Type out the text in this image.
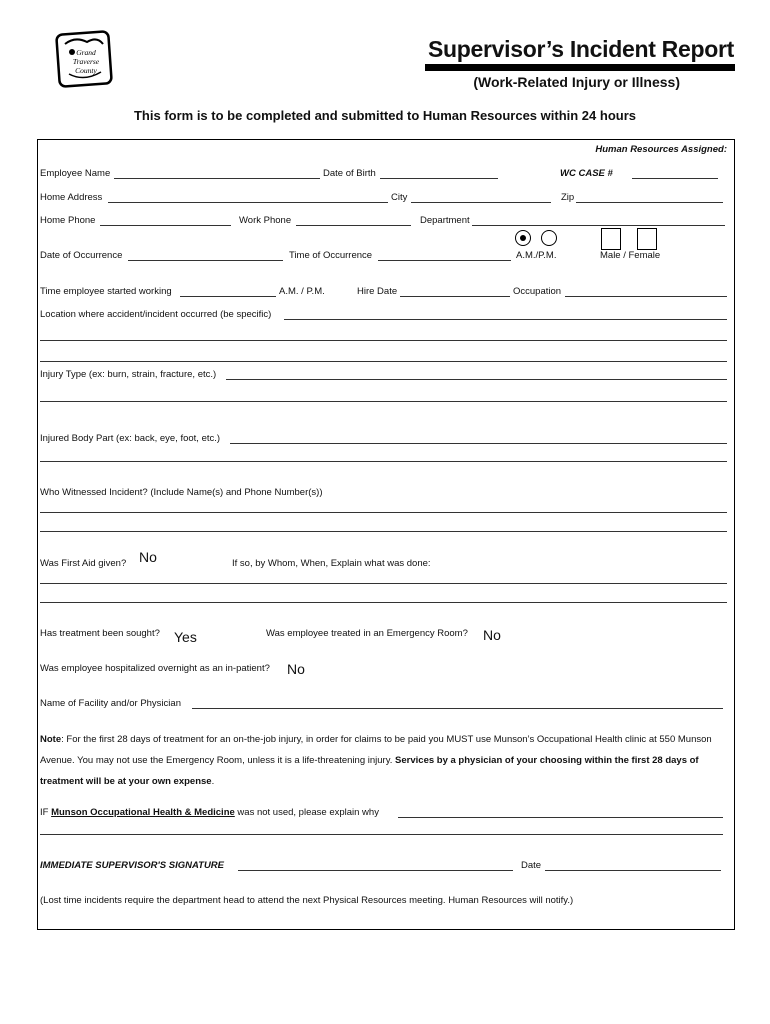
Grand
Traverse
County
Supervisor’s Incident Report
(Work-Related Injury or Illness)
This form is to be completed and submitted to Human Resources within 24 hours
Human Resources Assigned:
WC CASE #
Employee Name	Date of Birth
Home Address	City	Zip
Home Phone	Work Phone	Department
Date of Occurrence	Time of Occurrence	A.M./P.M.	Male / Female
Time employee started working	A.M. / P.M.	Hire Date	Occupation
Location where accident/incident occurred (be specific)
Injury Type (ex: burn, strain, fracture, etc.)
Injured Body Part (ex: back, eye, foot, etc.)
Who Witnessed Incident? (Include Name(s) and Phone Number(s))
Was First Aid given? No	If so, by Whom, When, Explain what was done:
Has treatment been sought? Yes	Was employee treated in an Emergency Room? No
Was employee hospitalized overnight as an in-patient? No
Name of Facility and/or Physician
Note: For the first 28 days of treatment for an on-the-job injury, in order for claims to be paid you MUST use Munson’s Occupational Health clinic at 550 Munson
Avenue. You may not use the Emergency Room, unless it is a life-threatening injury. Services by a physician of your choosing within the first 28 days of
treatment will be at your own expense.
IF Munson Occupational Health & Medicine was not used, please explain why
IMMEDIATE SUPERVISOR'S SIGNATURE	Date
(Lost time incidents require the department head to attend the next Physical Resources meeting. Human Resources will notify.)
